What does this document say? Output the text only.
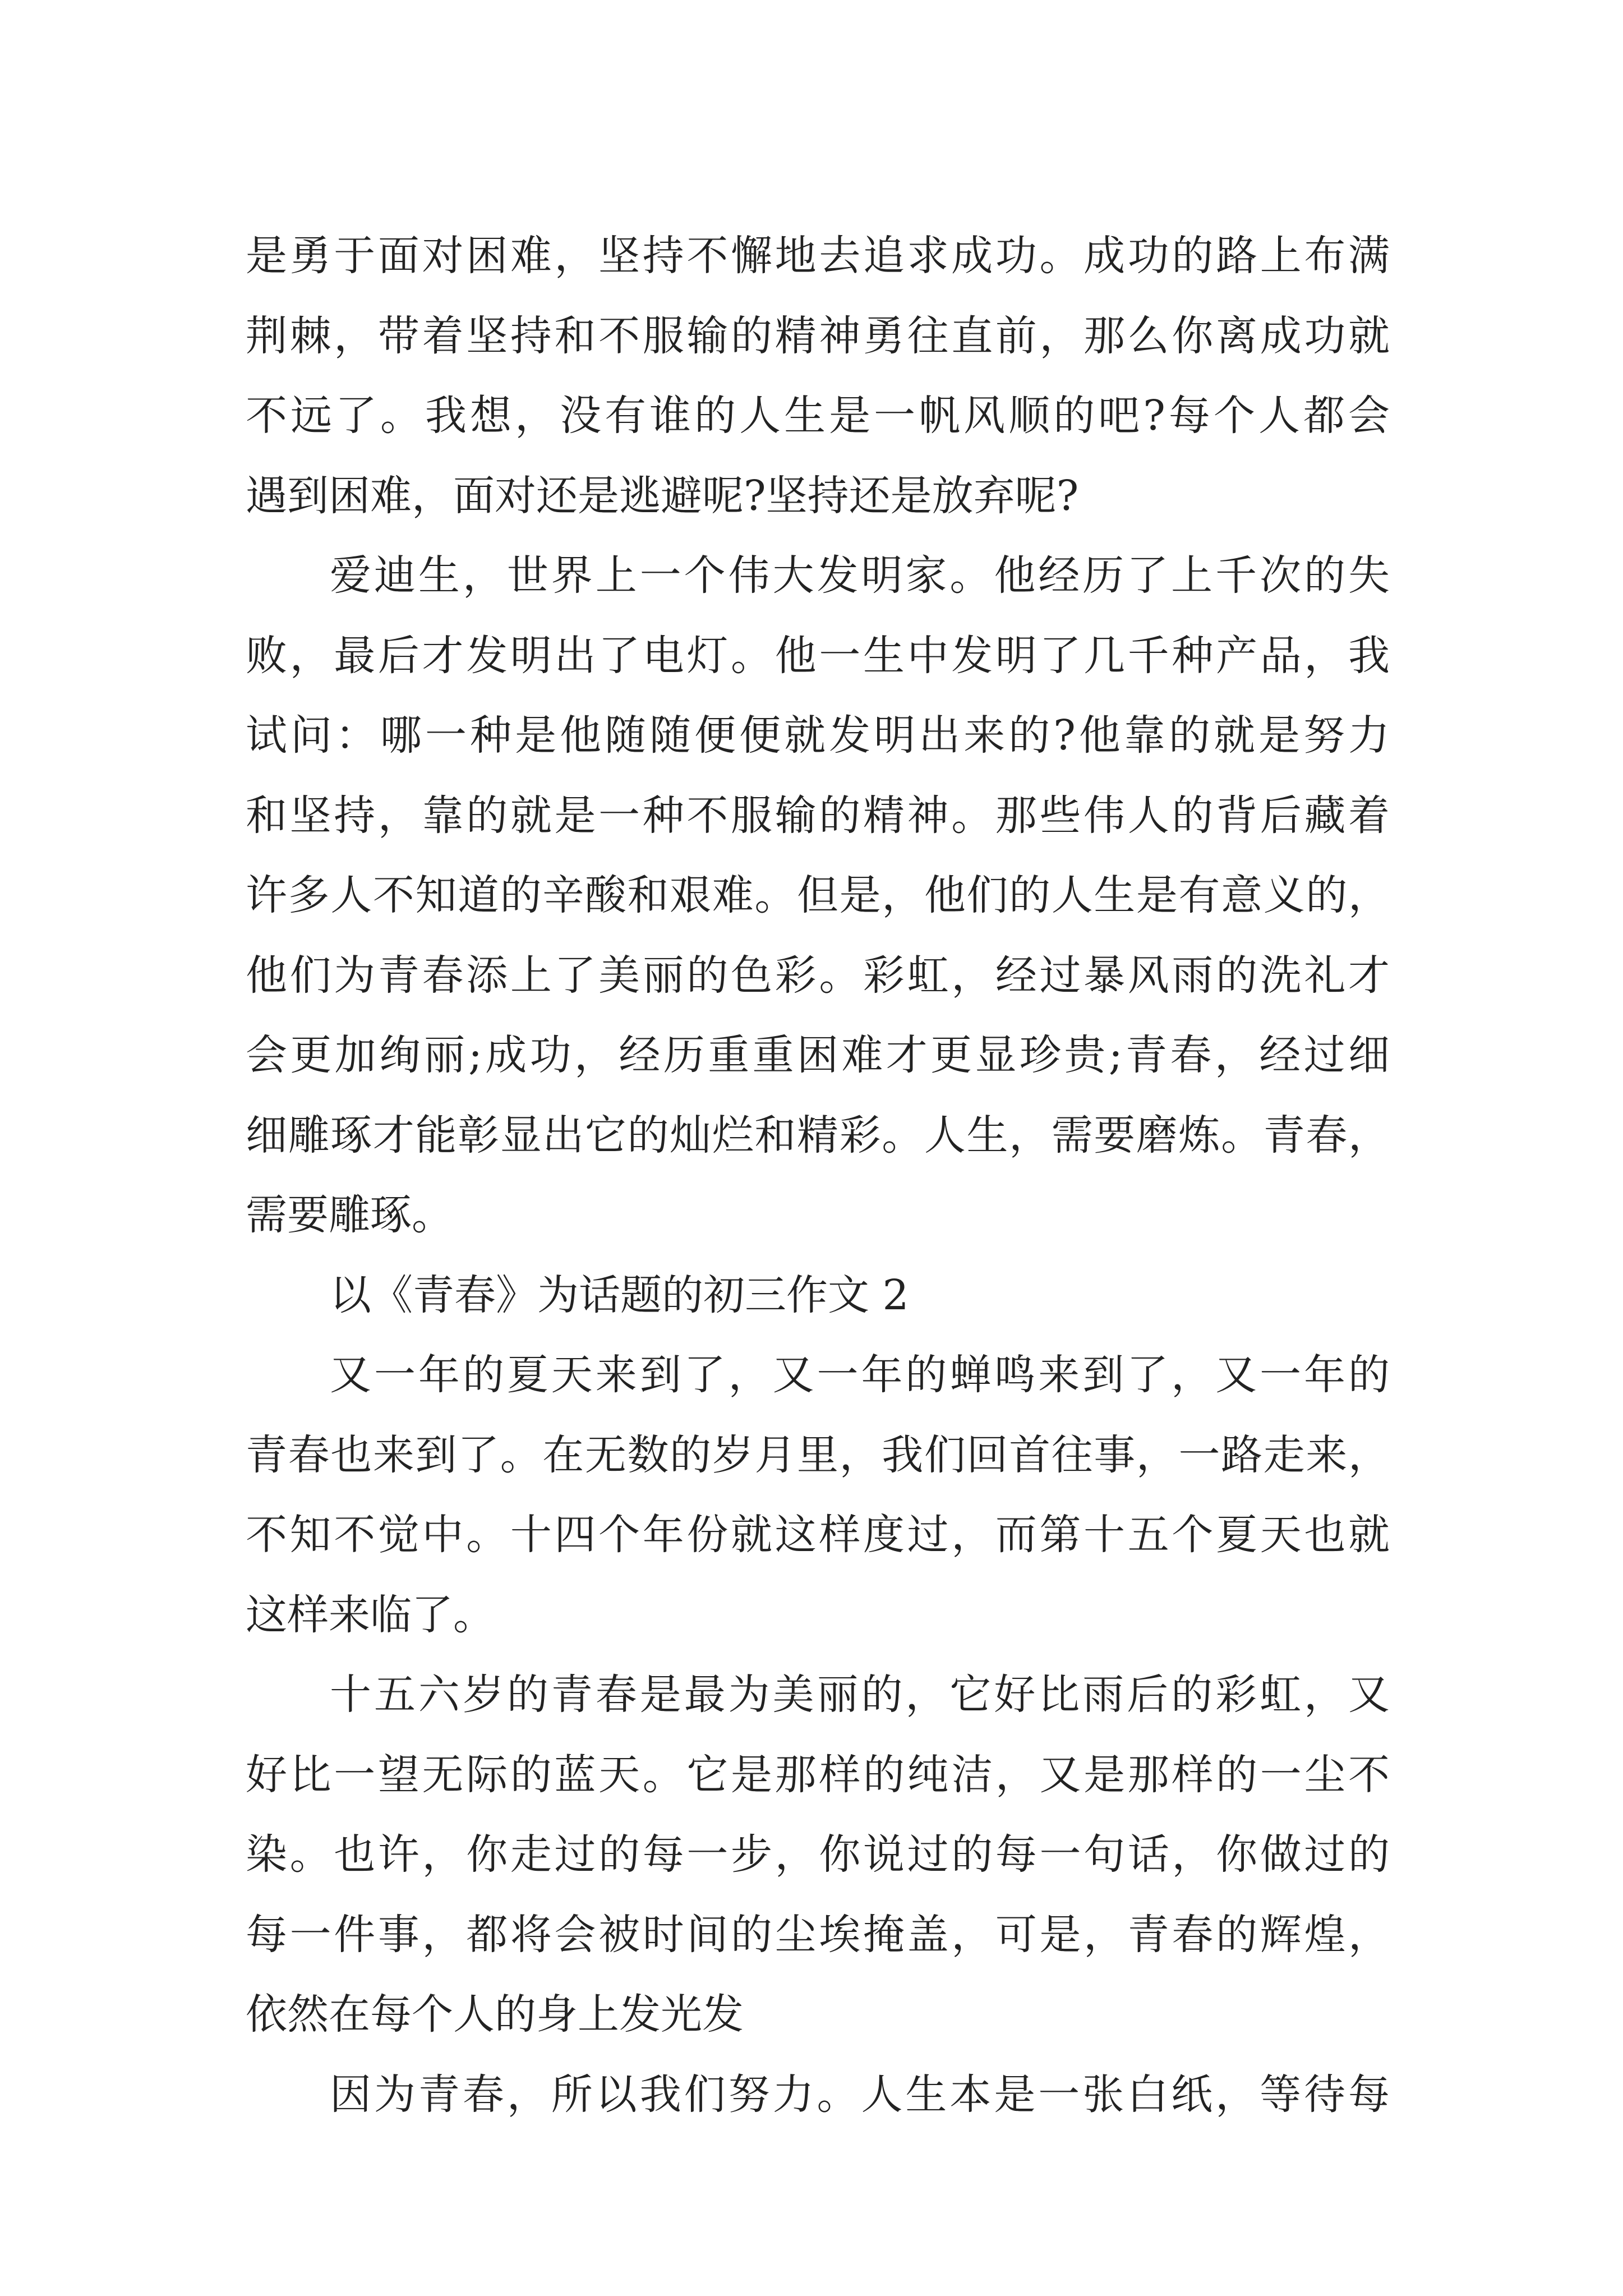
是勇于面对困难，坚持不懈地去追求成功。成功的路上布满
荆棘，带着坚持和不服输的精神勇往直前，那么你离成功就
不远了。我想，没有谁的人生是一帆风顺的吧?每个人都会
遇到困难，面对还是逃避呢?坚持还是放弃呢?
爱迪生，世界上一个伟大发明家。他经历了上千次的失
败，最后才发明出了电灯。他一生中发明了几千种产品，我
试问：哪一种是他随随便便就发明出来的?他靠的就是努力
和坚持，靠的就是一种不服输的精神。那些伟人的背后藏着
许多人不知道的辛酸和艰难。但是，他们的人生是有意义的，
他们为青春添上了美丽的色彩。彩虹，经过暴风雨的洗礼才
会更加绚丽;成功，经历重重困难才更显珍贵;青春，经过细
细雕琢才能彰显出它的灿烂和精彩。人生，需要磨炼。青春，
需要雕琢。
以《青春》为话题的初三作文 2
又一年的夏天来到了，又一年的蝉鸣来到了，又一年的
青春也来到了。在无数的岁月里，我们回首往事，一路走来，
不知不觉中。十四个年份就这样度过，而第十五个夏天也就
这样来临了。
十五六岁的青春是最为美丽的，它好比雨后的彩虹，又
好比一望无际的蓝天。它是那样的纯洁，又是那样的一尘不
染。也许，你走过的每一步，你说过的每一句话，你做过的
每一件事，都将会被时间的尘埃掩盖，可是，青春的辉煌，
依然在每个人的身上发光发
因为青春，所以我们努力。人生本是一张白纸，等待每
